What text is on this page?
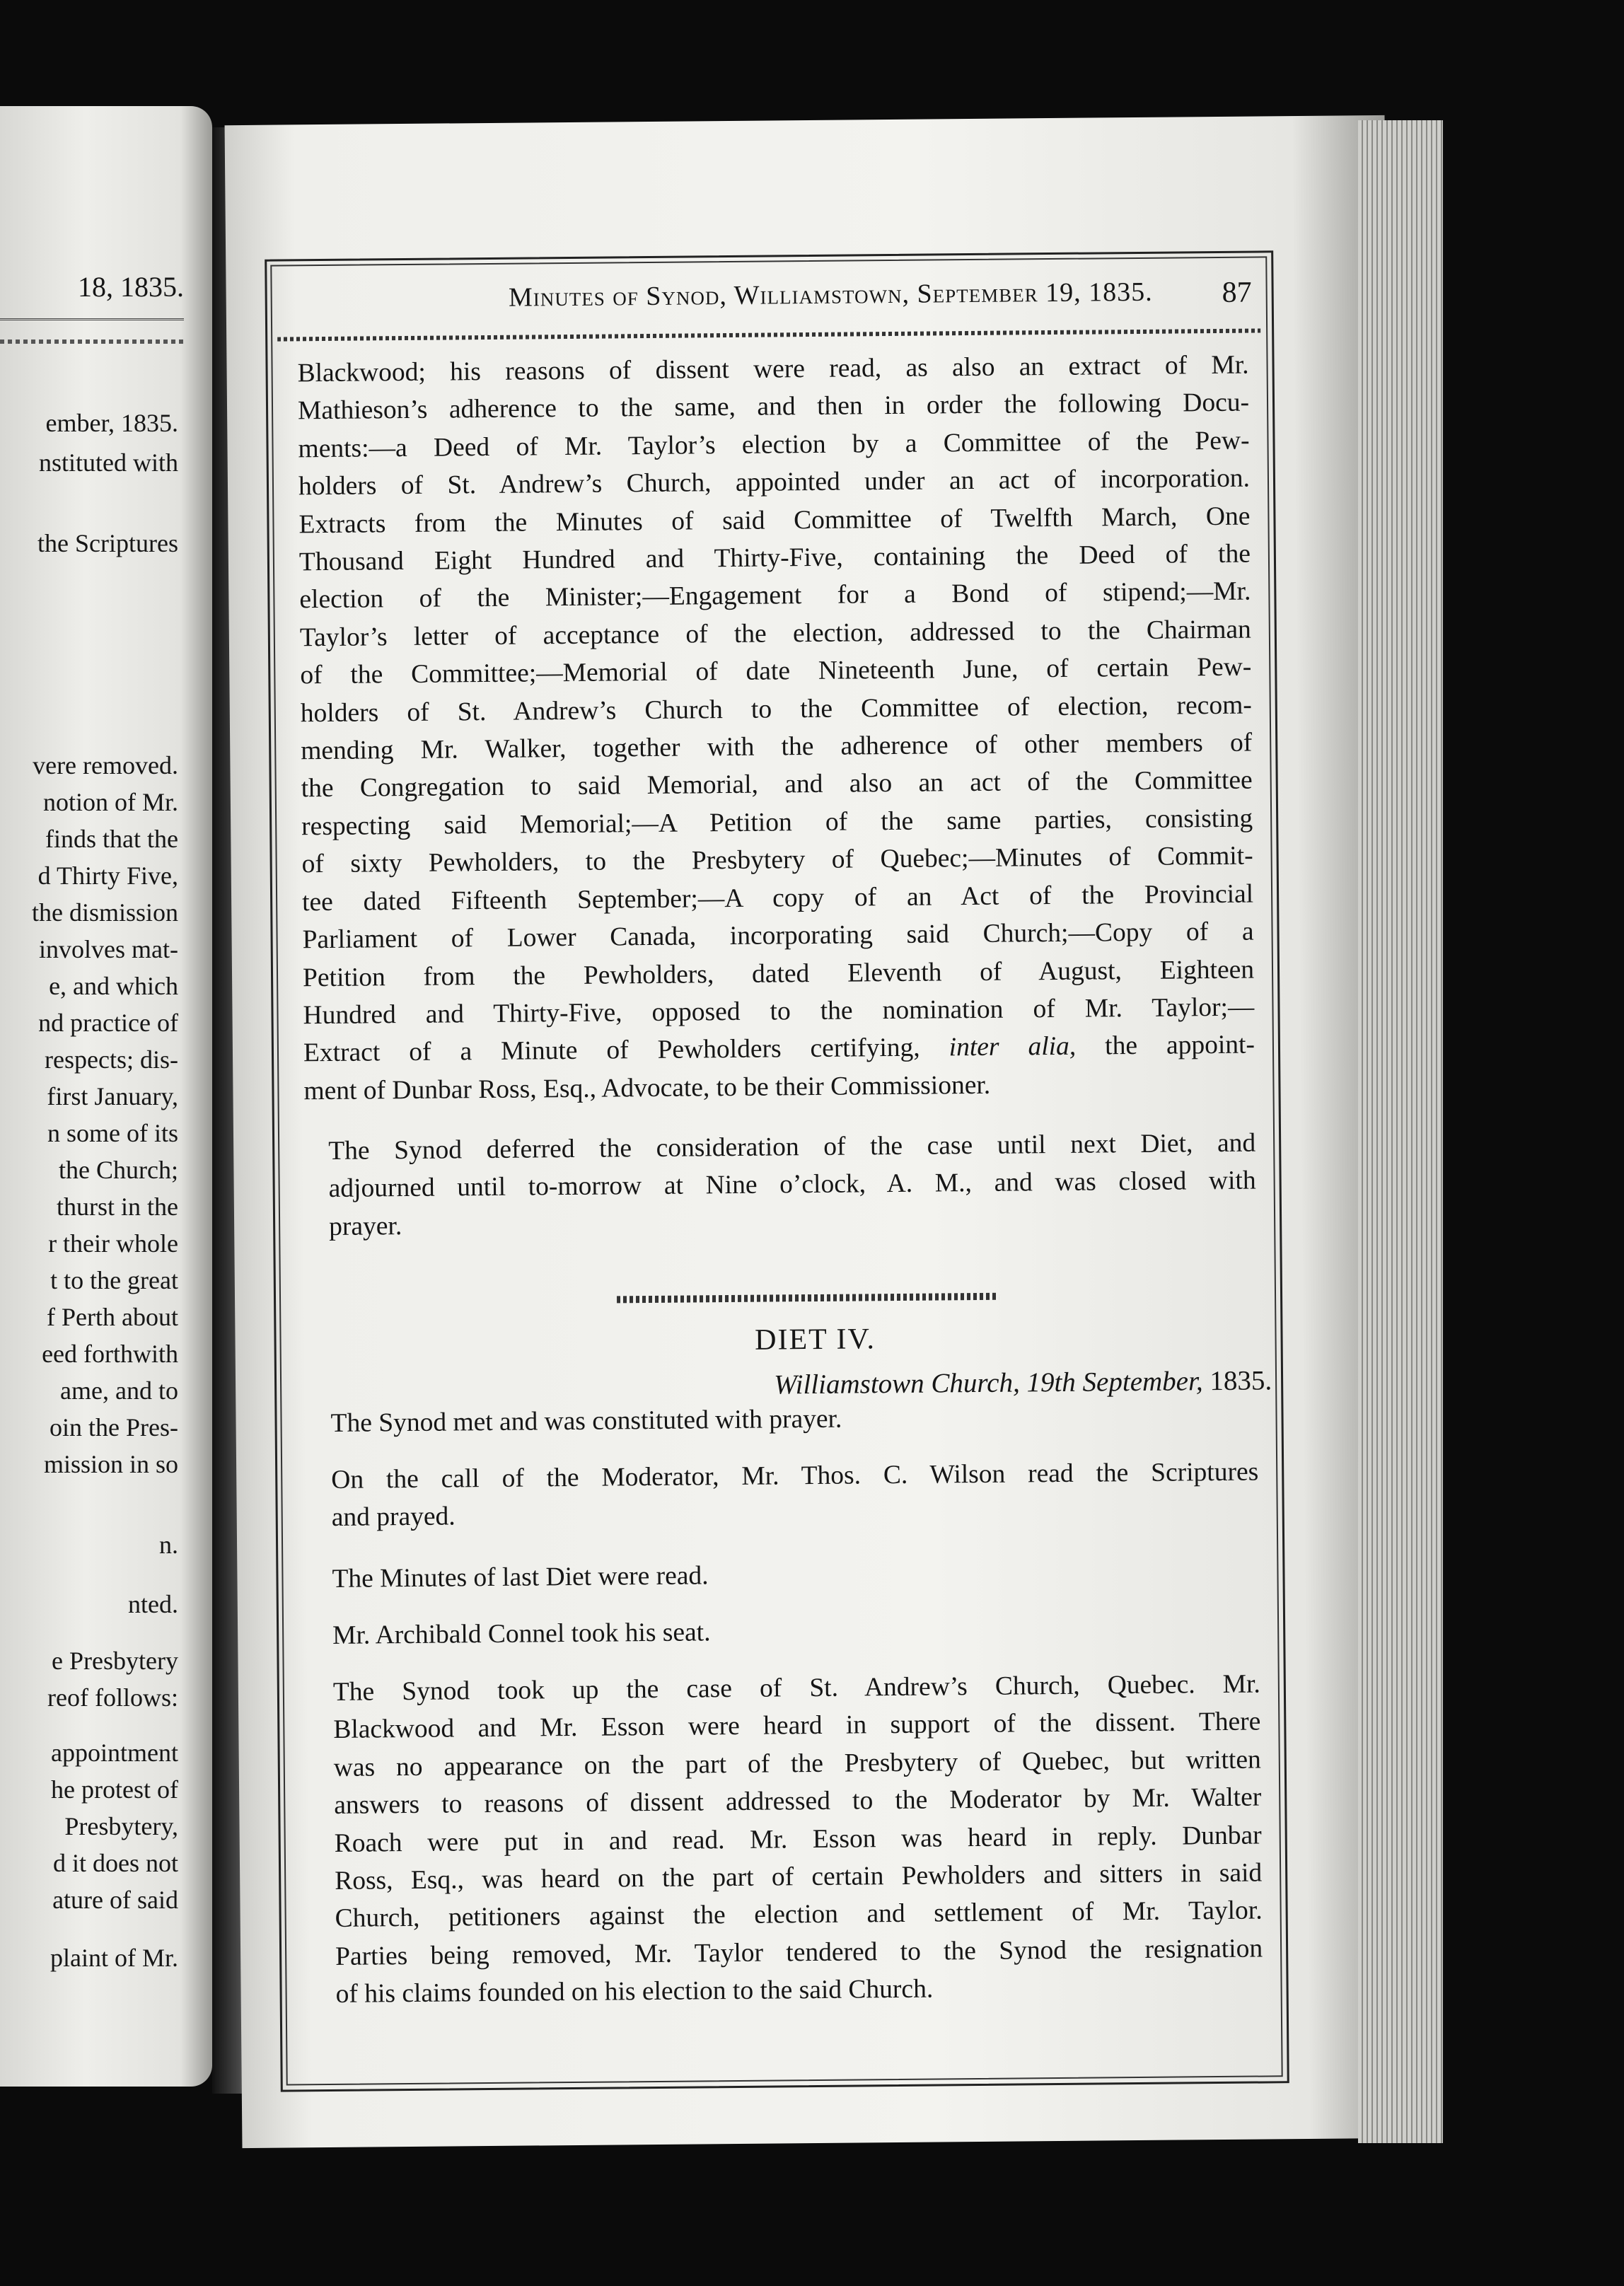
18, 1835.
ember, 1835.
nstituted with
the Scriptures
vere removed.
notion of Mr.
finds that the
d Thirty Five,
the dismission
involves mat-
e, and which
nd practice of
respects; dis-
first January,
n some of its
the Church;
thurst in the
r their whole
t to the great
f Perth about
eed forthwith
ame, and to
oin the Pres-
mission in so
n.
nted.
e Presbytery
reof follows:
appointment
he protest of
Presbytery,
d it does not
ature of said
plaint of Mr.
Minutes of Synod, Williamstown, September 19, 1835. 87
Blackwood; his reasons of dissent were read, as also an extract of Mr.
Mathieson’s adherence to the same, and then in order the following Docu-
ments:—a Deed of Mr. Taylor’s election by a Committee of the Pew-
holders of St. Andrew’s Church, appointed under an act of incorporation.
Extracts from the Minutes of said Committee of Twelfth March, One
Thousand Eight Hundred and Thirty-Five, containing the Deed of the
election of the Minister;—Engagement for a Bond of stipend;—Mr.
Taylor’s letter of acceptance of the election, addressed to the Chairman
of the Committee;—Memorial of date Nineteenth June, of certain Pew-
holders of St. Andrew’s Church to the Committee of election, recom-
mending Mr. Walker, together with the adherence of other members of
the Congregation to said Memorial, and also an act of the Committee
respecting said Memorial;—A Petition of the same parties, consisting
of sixty Pewholders, to the Presbytery of Quebec;—Minutes of Commit-
tee dated Fifteenth September;—A copy of an Act of the Provincial
Parliament of Lower Canada, incorporating said Church;—Copy of a
Petition from the Pewholders, dated Eleventh of August, Eighteen
Hundred and Thirty-Five, opposed to the nomination of Mr. Taylor;—
Extract of a Minute of Pewholders certifying, inter alia, the appoint-
ment of Dunbar Ross, Esq., Advocate, to be their Commissioner.
The Synod deferred the consideration of the case until next Diet, and
adjourned until to-morrow at Nine o’clock, A. M., and was closed with
prayer.
DIET IV.
Williamstown Church, 19th September, 1835.
The Synod met and was constituted with prayer.
On the call of the Moderator, Mr. Thos. C. Wilson read the Scriptures
and prayed.
The Minutes of last Diet were read.
Mr. Archibald Connel took his seat.
The Synod took up the case of St. Andrew’s Church, Quebec. Mr.
Blackwood and Mr. Esson were heard in support of the dissent. There
was no appearance on the part of the Presbytery of Quebec, but written
answers to reasons of dissent addressed to the Moderator by Mr. Walter
Roach were put in and read. Mr. Esson was heard in reply. Dunbar
Ross, Esq., was heard on the part of certain Pewholders and sitters in said
Church, petitioners against the election and settlement of Mr. Taylor.
Parties being removed, Mr. Taylor tendered to the Synod the resignation
of his claims founded on his election to the said Church.
